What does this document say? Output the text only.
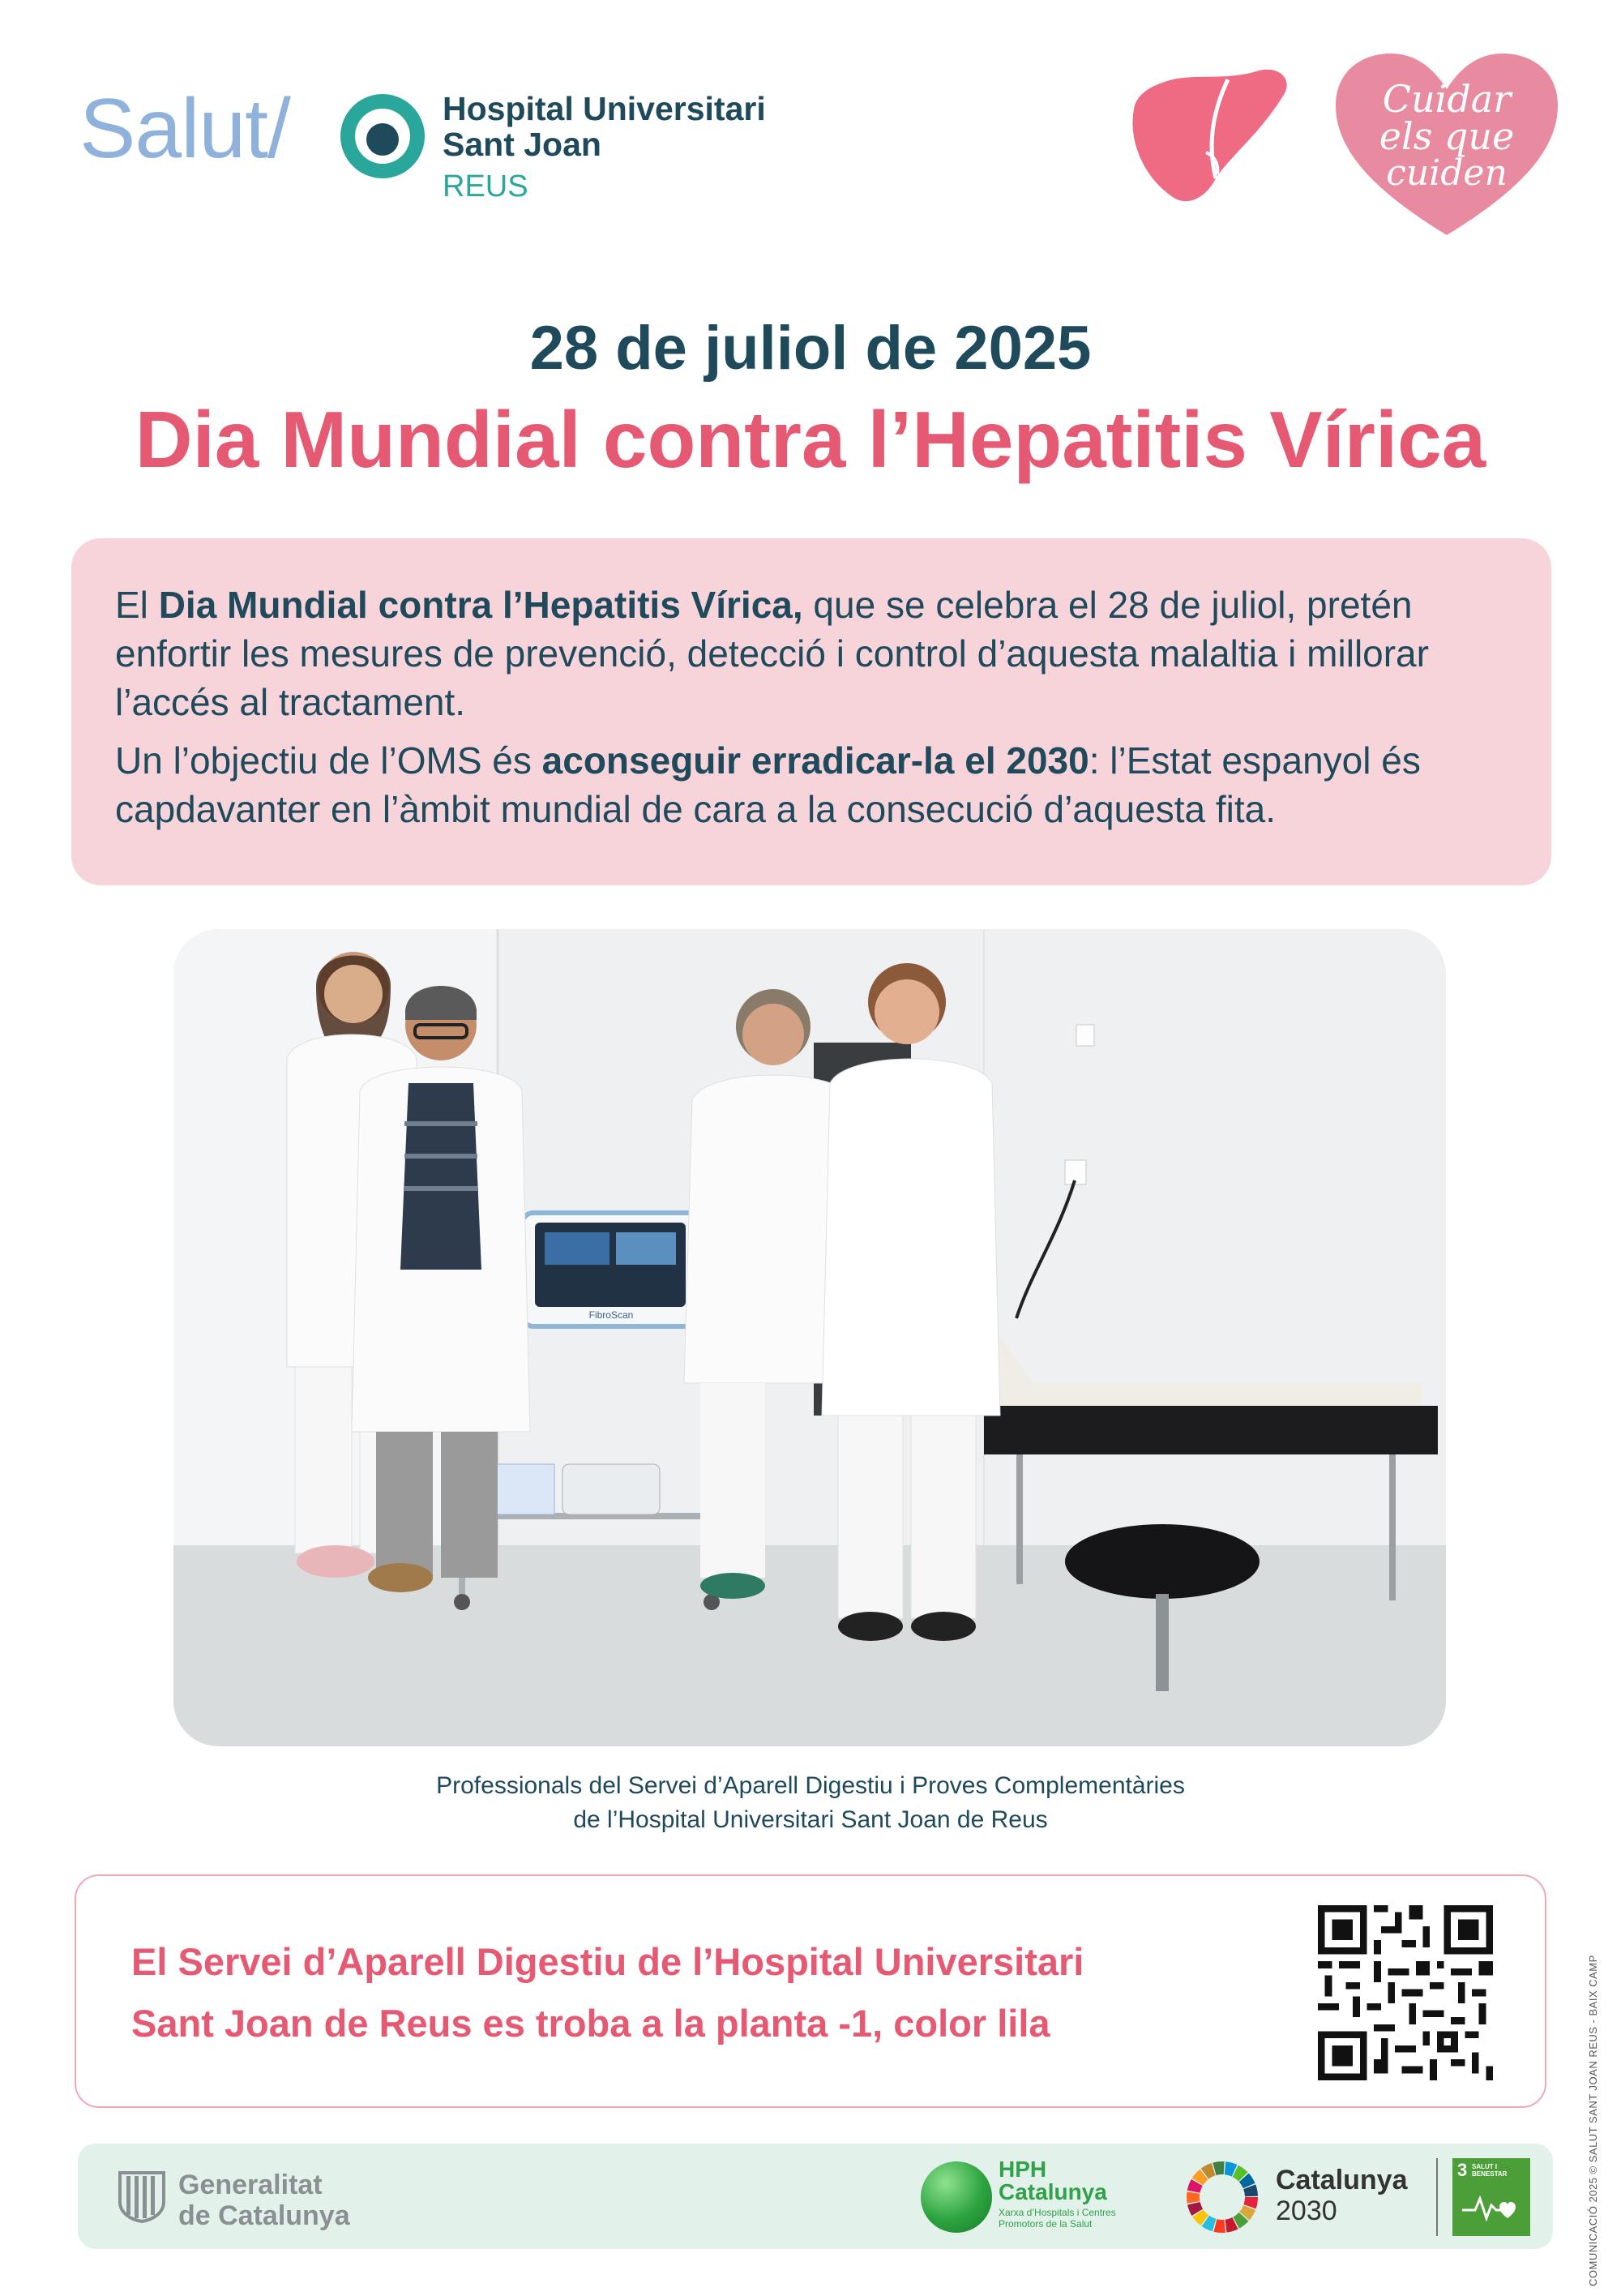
Salut/	Hospital Universitari
Sant Joan
REUS
Cuidar
els que
cuiden
28 de juliol de 2025
Dia Mundial contra l’Hepatitis Vírica

El Dia Mundial contra l’Hepatitis Vírica, que se celebra el 28 de juliol, pretén enfortir les mesures de prevenció, detecció i control d’aquesta malaltia i millorar l’accés al tractament.

Un l’objectiu de l’OMS és aconseguir erradicar-la el 2030: l’Estat espanyol és capdavanter en l’àmbit mundial de cara a la consecució d’aquesta fita.

FibroScan
Professionals del Servei d’Aparell Digestiu i Proves Complementàries
de l’Hospital Universitari Sant Joan de Reus
El Servei d’Aparell Digestiu de l’Hospital Universitari
Sant Joan de Reus es troba a la planta -1, color lila	COMUNICACIÓ 2025 © SALUT SANT JOAN REUS - BAIX CAMP
Generalitat
de Catalunya
HPH
Catalunya
Xarxa d’Hospitals i Centres Promotors de la Salut
Catalunya
2030
3 SALUT I BENESTAR
